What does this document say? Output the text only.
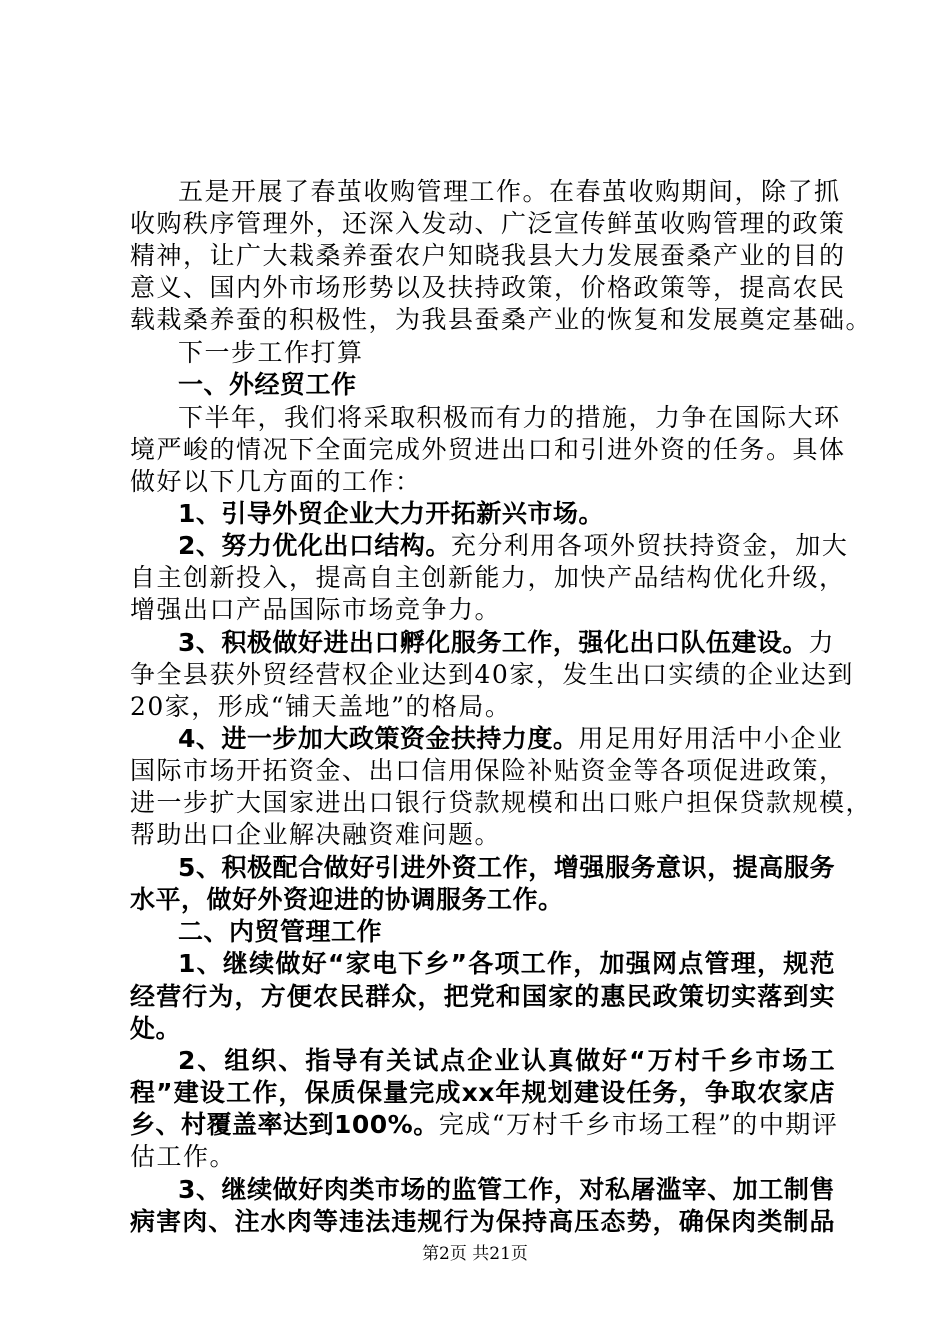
五是开展了春茧收购管理工作。在春茧收购期间，除了抓
收购秩序管理外，还深入发动、广泛宣传鲜茧收购管理的政策
精神，让广大栽桑养蚕农户知晓我县大力发展蚕桑产业的目的
意义、国内外市场形势以及扶持政策，价格政策等，提高农民
载栽桑养蚕的积极性，为我县蚕桑产业的恢复和发展奠定基础。
下一步工作打算
一、外经贸工作
下半年，我们将采取积极而有力的措施，力争在国际大环
境严峻的情况下全面完成外贸进出口和引进外资的任务。具体
做好以下几方面的工作：
1、引导外贸企业大力开拓新兴市场。
2、努力优化出口结构。充分利用各项外贸扶持资金，加大
自主创新投入，提高自主创新能力，加快产品结构优化升级，
增强出口产品国际市场竞争力。
3、积极做好进出口孵化服务工作，强化出口队伍建设。 力
争全县获外贸经营权企业达到40家，发生出口实绩的企业达到
20家，形成“铺天盖地”的格局。
4、进一步加大政策资金扶持力度。用足用好用活中小企业
国际市场开拓资金、出口信用保险补贴资金等各项促进政策，
进一步扩大国家进出口银行贷款规模和出口账户担保贷款规模，
帮助出口企业解决融资难问题。
5、积极配合做好引进外资工作，增强服务意识，提高服务
水平，做好外资迎进的协调服务工作。
二、内贸管理工作
1、继续做好“家电下乡”各项工作，加强网点管理，规范
经营行为，方便农民群众，把党和国家的惠民政策切实落到实
处。
2、组织、指导有关试点企业认真做好“万村千乡市场工
程”建设工作，保质保量完成xx年规划建设任务，争取农家店
乡、村覆盖率达到100%。完成“万村千乡市场工程”的中期评
估工作。
3、继续做好肉类市场的监管工作，对私屠滥宰、加工制售
病害肉、注水肉等违法违规行为保持高压态势，确保肉类制品
第2页 共21页
